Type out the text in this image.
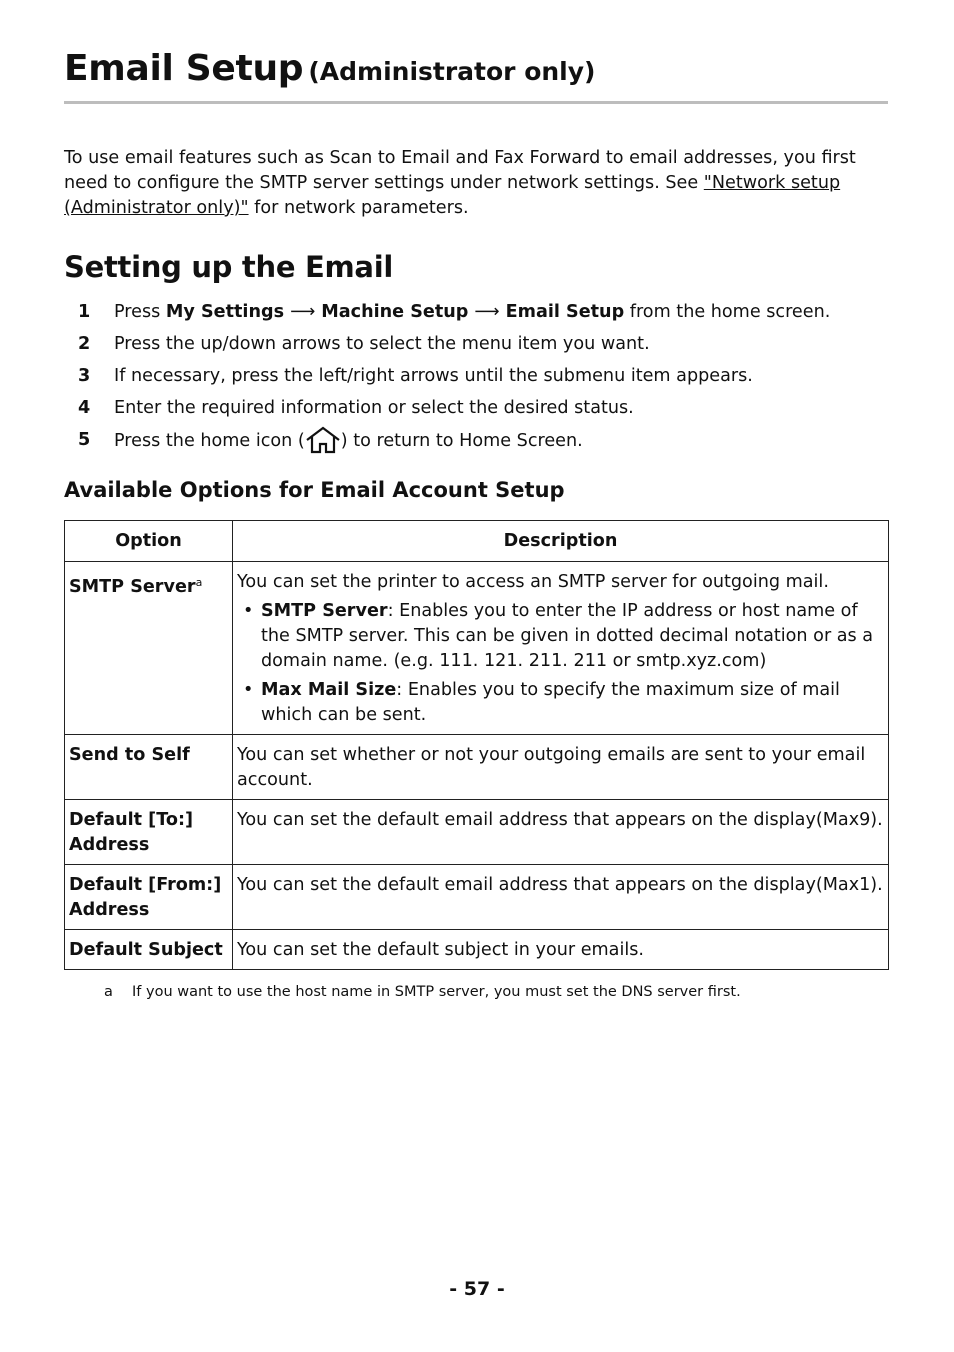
Email Setup (Administrator only)
To use email features such as Scan to Email and Fax Forward to email addresses, you first need to configure the SMTP server settings under network settings. See "Network setup (Administrator only)" for network parameters.
Setting up the Email
1 Press My Settings ⟶ Machine Setup ⟶ Email Setup from the home screen.
2 Press the up/down arrows to select the menu item you want.
3 If necessary, press the left/right arrows until the submenu item appears.
4 Enter the required information or select the desired status.
5 Press the home icon ( ) to return to Home Screen.
Available Options for Email Account Setup
Option	Description
SMTP Server$^a$	You can set the printer to access an SMTP server for outgoing mail.
• SMTP Server: Enables you to enter the IP address or host name of the SMTP server. This can be given in dotted decimal notation or as a domain name. (e.g. 111. 121. 211. 211 or smtp.xyz.com)
• Max Mail Size: Enables you to specify the maximum size of mail which can be sent.

Send to Self	You can set whether or not your outgoing emails are sent to your email account.
Default [To:] Address	You can set the default email address that appears on the display(Max9).
Default [From:] Address	You can set the default email address that appears on the display(Max1).
Default Subject	You can set the default subject in your emails.
a If you want to use the host name in SMTP server, you must set the DNS server first.
- 57 -
